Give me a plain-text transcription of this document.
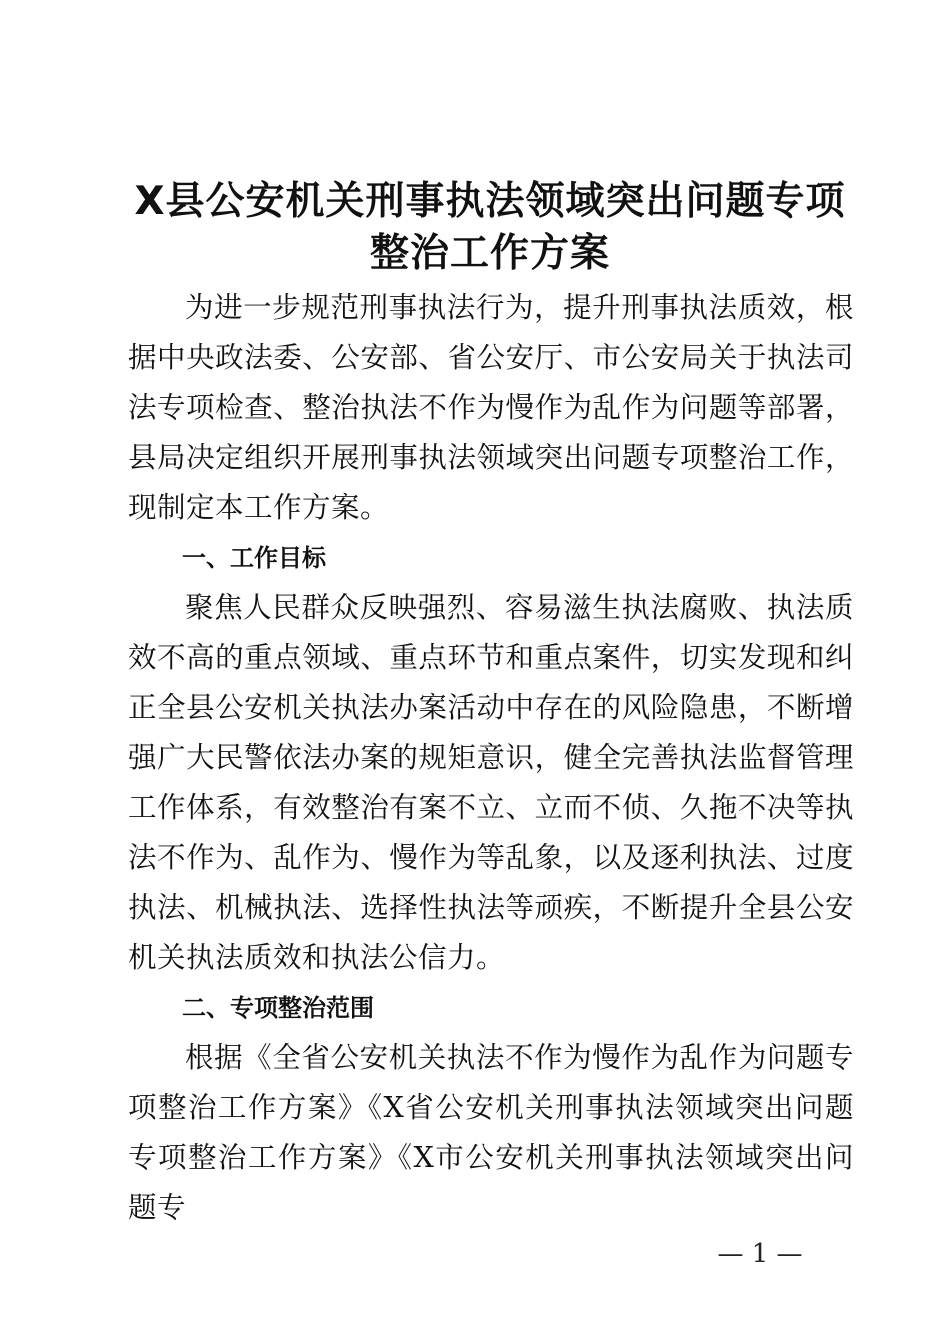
X县公安机关刑事执法领域突出问题专项整治工作方案

为进一步规范刑事执法行为，提升刑事执法质效，根据中央政法委、公安部、省公安厅、市公安局关于执法司法专项检查、整治执法不作为慢作为乱作为问题等部署，县局决定组织开展刑事执法领域突出问题专项整治工作，现制定本工作方案。

一、工作目标

聚焦人民群众反映强烈、容易滋生执法腐败、执法质效不高的重点领域、重点环节和重点案件，切实发现和纠正全县公安机关执法办案活动中存在的风险隐患，不断增强广大民警依法办案的规矩意识，健全完善执法监督管理工作体系，有效整治有案不立、立而不侦、久拖不决等执法不作为、乱作为、慢作为等乱象，以及逐利执法、过度执法、机械执法、选择性执法等顽疾，不断提升全县公安机关执法质效和执法公信力。

二、专项整治范围

根据《全省公安机关执法不作为慢作为乱作为问题专项整治工作方案》《X省公安机关刑事执法领域突出问题专项整治工作方案》《X市公安机关刑事执法领域突出问题专

— 1 —
